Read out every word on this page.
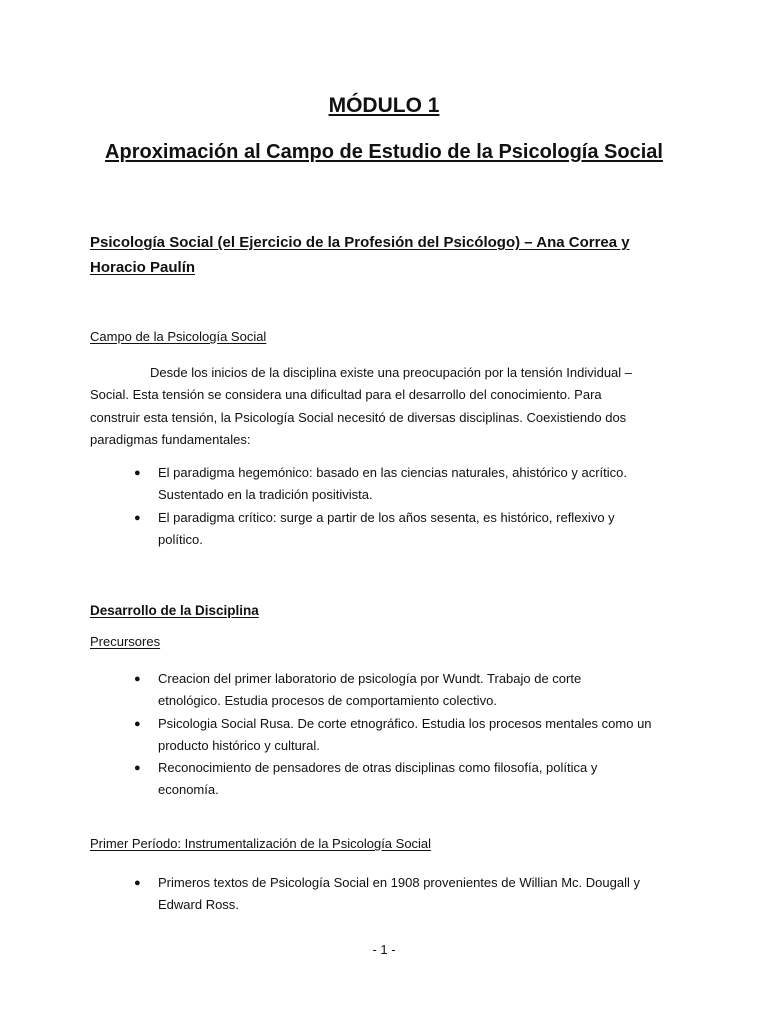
MÓDULO 1
Aproximación al Campo de Estudio de la Psicología Social
Psicología Social (el Ejercicio de la Profesión del Psicólogo) – Ana Correa y
Horacio Paulín
Campo de la Psicología Social
Desde los inicios de la disciplina existe una preocupación por la tensión Individual –
Social. Esta tensión se considera una dificultad para el desarrollo del conocimiento. Para
construir esta tensión, la Psicología Social necesitó de diversas disciplinas. Coexistiendo dos
paradigmas fundamentales:
● El paradigma hegemónico: basado en las ciencias naturales, ahistórico y acrítico.
Sustentado en la tradición positivista.
● El paradigma crítico: surge a partir de los años sesenta, es histórico, reflexivo y
político.
Desarrollo de la Disciplina
Precursores
● Creacion del primer laboratorio de psicología por Wundt. Trabajo de corte
etnológico. Estudia procesos de comportamiento colectivo.
● Psicologia Social Rusa. De corte etnográfico. Estudia los procesos mentales como un
producto histórico y cultural.
● Reconocimiento de pensadores de otras disciplinas como filosofía, política y
economía.
Primer Período: Instrumentalización de la Psicología Social
● Primeros textos de Psicología Social en 1908 provenientes de Willian Mc. Dougall y
Edward Ross.
- 1 -
